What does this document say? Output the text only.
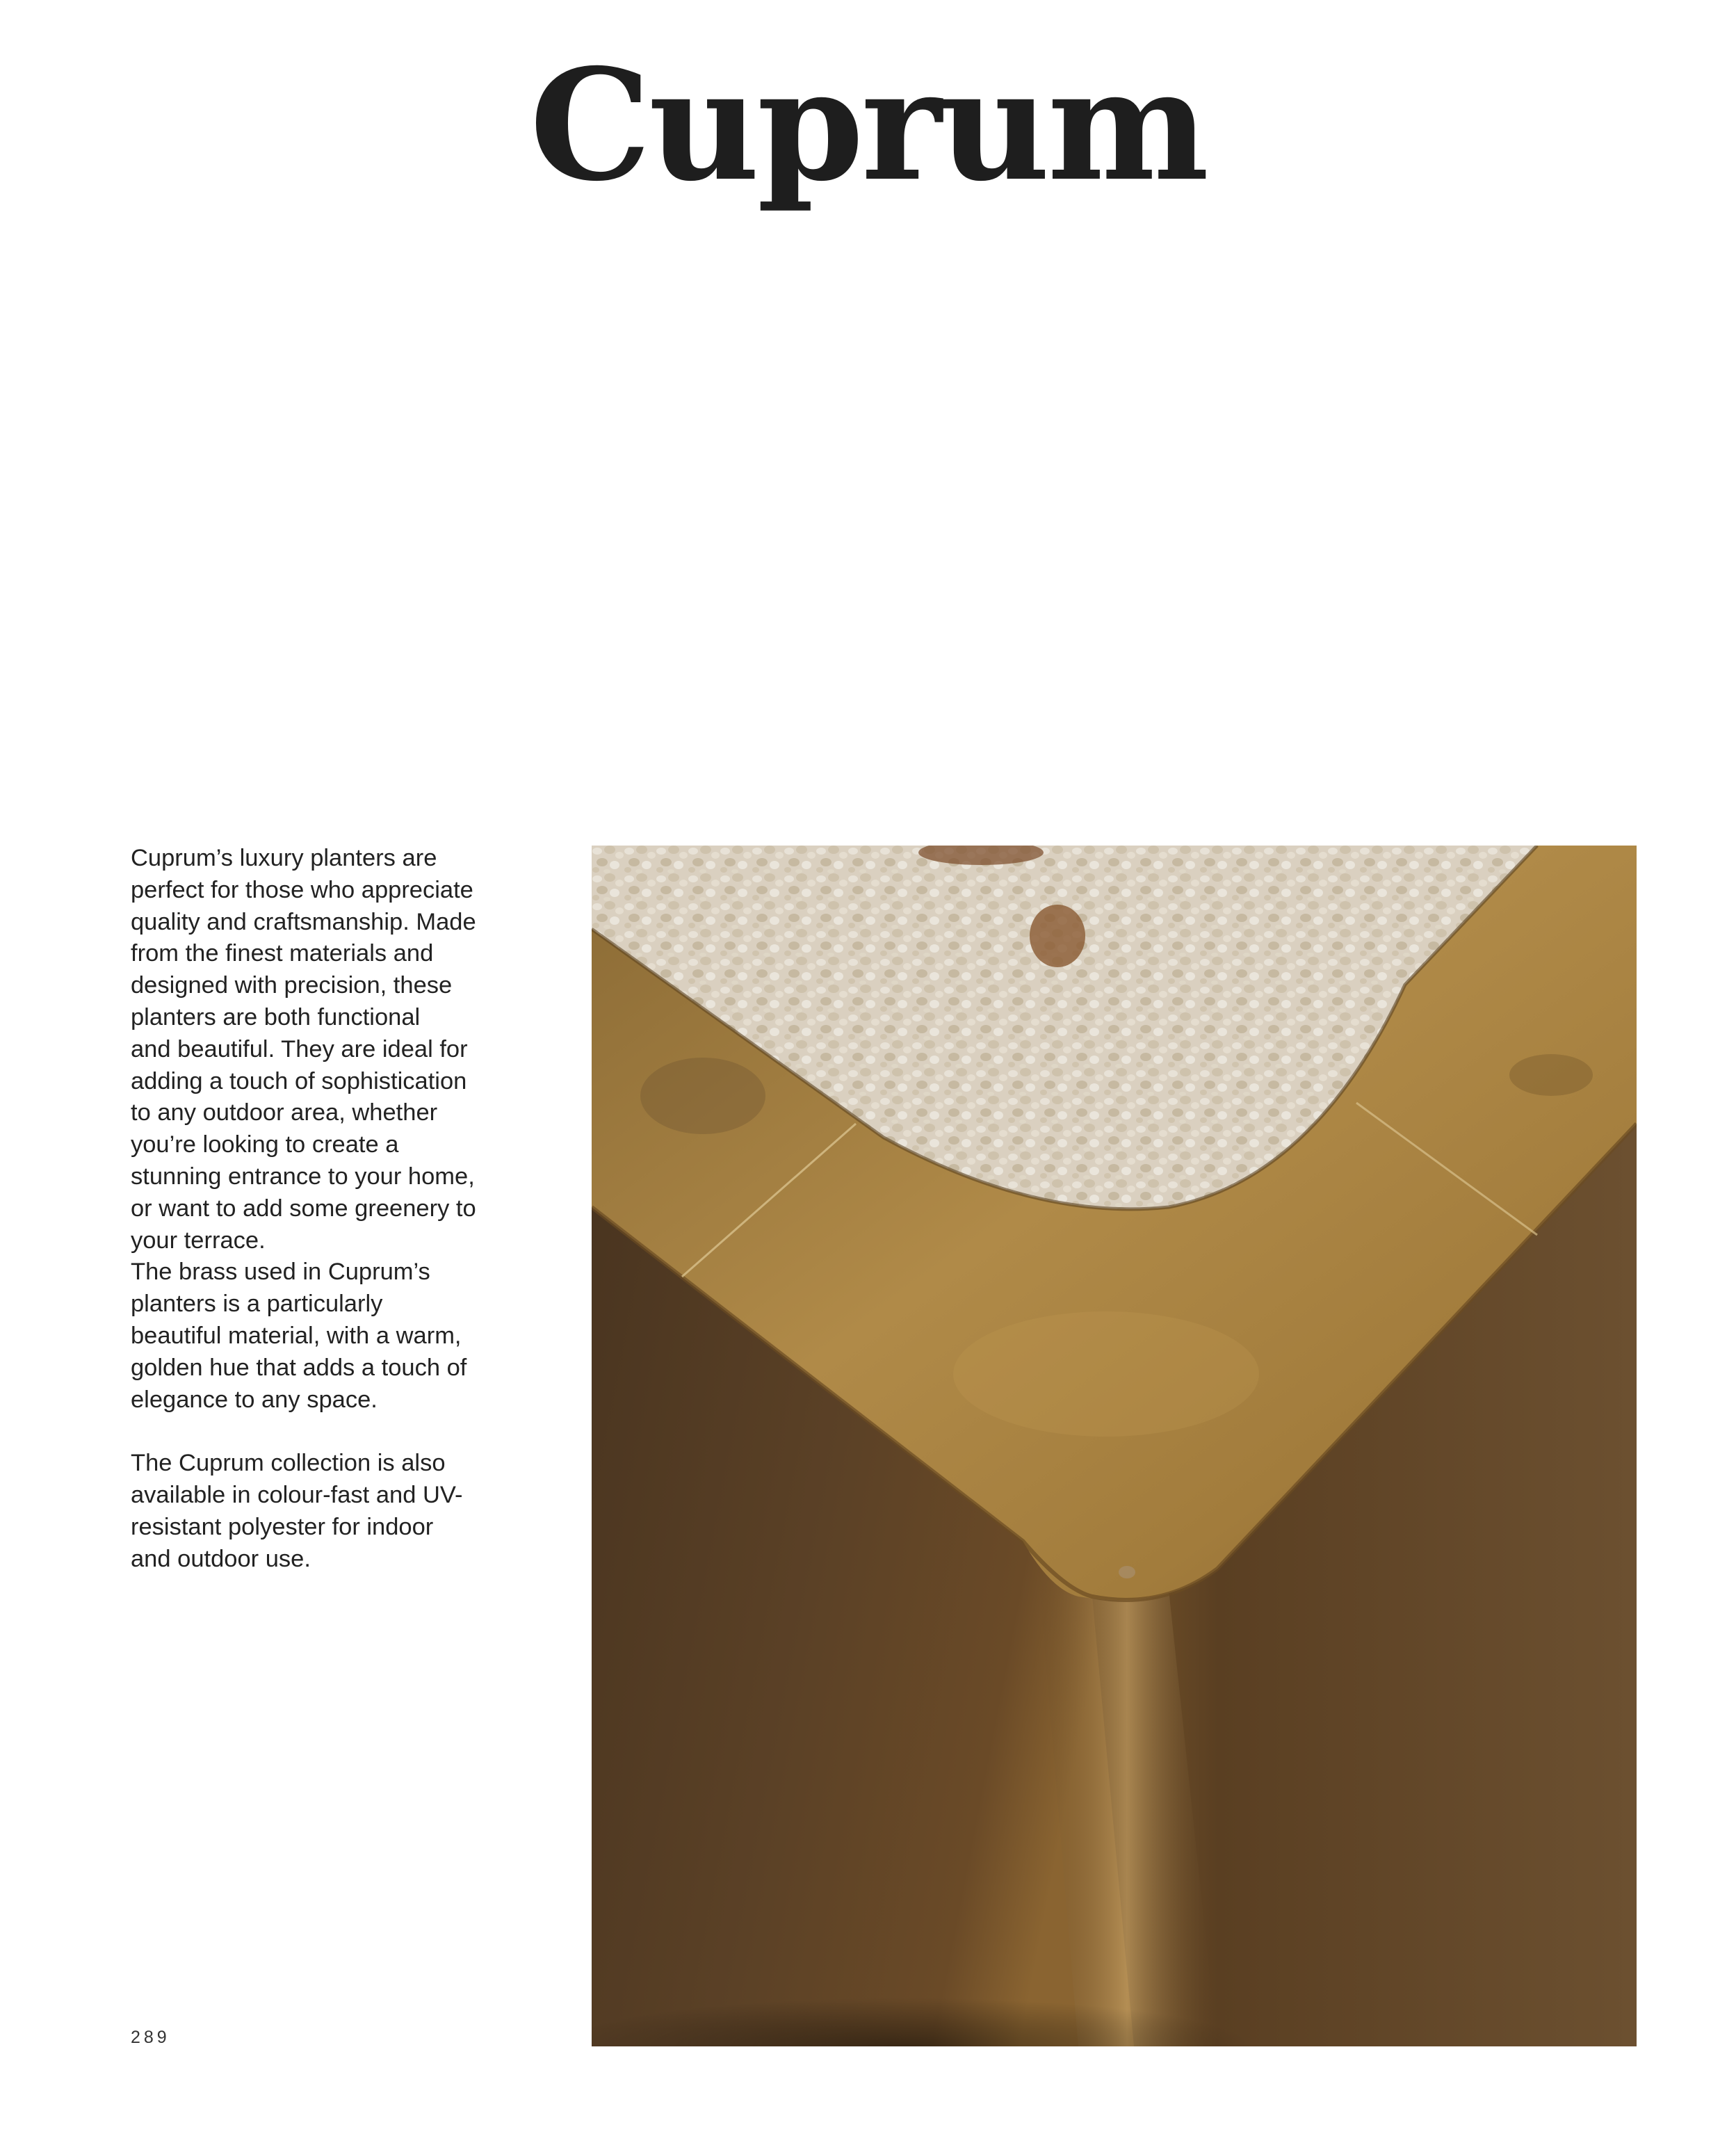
Cuprum

Cuprum’s luxury planters are
perfect for those who appreciate
quality and craftsmanship. Made
from the finest materials and
designed with precision, these
planters are both functional
and beautiful. They are ideal for
adding a touch of sophistication
to any outdoor area, whether
you’re looking to create a
stunning entrance to your home,
or want to add some greenery to
your terrace.
The brass used in Cuprum’s
planters is a particularly
beautiful material, with a warm,
golden hue that adds a touch of
elegance to any space.

The Cuprum collection is also
available in colour-fast and UV-
resistant polyester for indoor
and outdoor use.

289
